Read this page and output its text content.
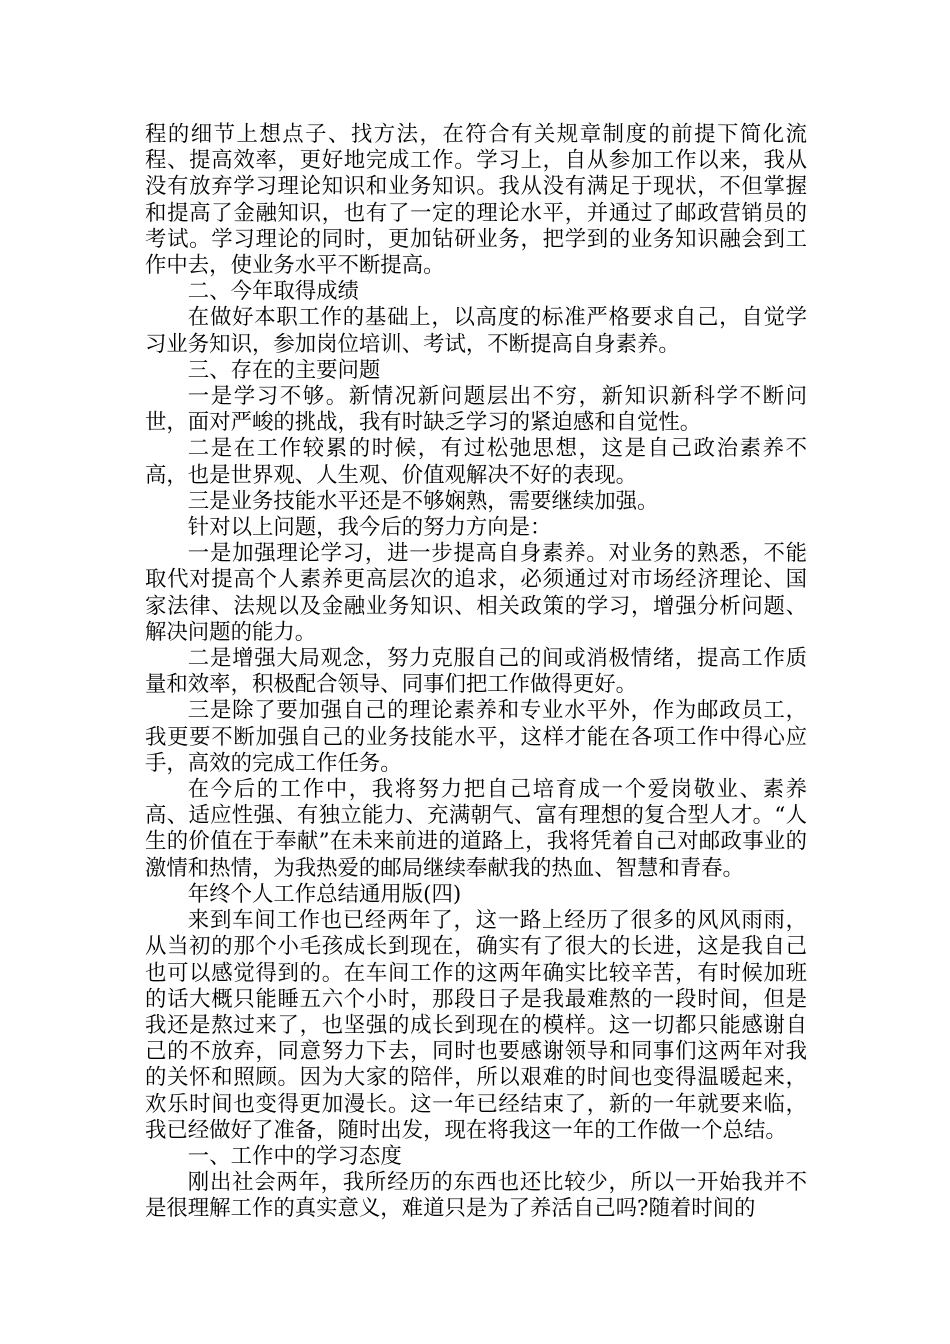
程的细节上想点子、找方法，在符合有关规章制度的前提下简化流程、提高效率，更好地完成工作。学习上，自从参加工作以来，我从没有放弃学习理论知识和业务知识。我从没有满足于现状，不但掌握和提高了金融知识，也有了一定的理论水平，并通过了邮政营销员的考试。学习理论的同时，更加钻研业务，把学到的业务知识融会到工作中去，使业务水平不断提高。

二、今年取得成绩

在做好本职工作的基础上，以高度的标准严格要求自己，自觉学习业务知识，参加岗位培训、考试，不断提高自身素养。

三、存在的主要问题

一是学习不够。新情况新问题层出不穷，新知识新科学不断问世，面对严峻的挑战，我有时缺乏学习的紧迫感和自觉性。

二是在工作较累的时候，有过松弛思想，这是自己政治素养不高，也是世界观、人生观、价值观解决不好的表现。

三是业务技能水平还是不够娴熟，需要继续加强。

针对以上问题，我今后的努力方向是：

一是加强理论学习，进一步提高自身素养。对业务的熟悉，不能取代对提高个人素养更高层次的追求，必须通过对市场经济理论、国家法律、法规以及金融业务知识、相关政策的学习，增强分析问题、解决问题的能力。

二是增强大局观念，努力克服自己的间或消极情绪，提高工作质量和效率，积极配合领导、同事们把工作做得更好。

三是除了要加强自己的理论素养和专业水平外，作为邮政员工，我更要不断加强自己的业务技能水平，这样才能在各项工作中得心应手，高效的完成工作任务。

在今后的工作中，我将努力把自己培育成一个爱岗敬业、素养高、适应性强、有独立能力、充满朝气、富有理想的复合型人才。“人生的价值在于奉献”在未来前进的道路上，我将凭着自己对邮政事业的激情和热情，为我热爱的邮局继续奉献我的热血、智慧和青春。

年终个人工作总结通用版(四)

来到车间工作也已经两年了，这一路上经历了很多的风风雨雨，从当初的那个小毛孩成长到现在，确实有了很大的长进，这是我自己也可以感觉得到的。在车间工作的这两年确实比较辛苦，有时候加班的话大概只能睡五六个小时，那段日子是我最难熬的一段时间，但是我还是熬过来了，也坚强的成长到现在的模样。这一切都只能感谢自己的不放弃，同意努力下去，同时也要感谢领导和同事们这两年对我的关怀和照顾。因为大家的陪伴，所以艰难的时间也变得温暖起来，欢乐时间也变得更加漫长。这一年已经结束了，新的一年就要来临，我已经做好了准备，随时出发，现在将我这一年的工作做一个总结。

一、工作中的学习态度

刚出社会两年，我所经历的东西也还比较少，所以一开始我并不是很理解工作的真实意义，难道只是为了养活自己吗?随着时间的
